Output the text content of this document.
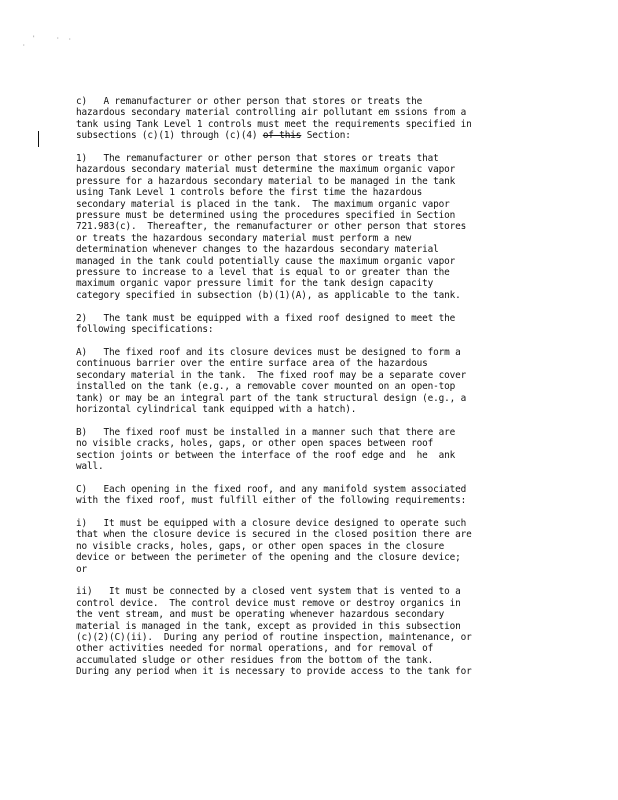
·
'	· ·
c)   A remanufacturer or other person that stores or treats the
hazardous secondary material controlling air pollutant em ssions from a
tank using Tank Level 1 controls must meet the requirements specified in
subsections (c)(1) through (c)(4) of this Section:
1)   The remanufacturer or other person that stores or treats that
hazardous secondary material must determine the maximum organic vapor
pressure for a hazardous secondary material to be managed in the tank
using Tank Level 1 controls before the first time the hazardous
secondary material is placed in the tank.  The maximum organic vapor
pressure must be determined using the procedures specified in Section
721.983(c).  Thereafter, the remanufacturer or other person that stores
or treats the hazardous secondary material must perform a new
determination whenever changes to the hazardous secondary material
managed in the tank could potentially cause the maximum organic vapor
pressure to increase to a level that is equal to or greater than the
maximum organic vapor pressure limit for the tank design capacity
category specified in subsection (b)(1)(A), as applicable to the tank.
2)   The tank must be equipped with a fixed roof designed to meet the
following specifications:
A)   The fixed roof and its closure devices must be designed to form a
continuous barrier over the entire surface area of the hazardous
secondary material in the tank.  The fixed roof may be a separate cover
installed on the tank (e.g., a removable cover mounted on an open-top
tank) or may be an integral part of the tank structural design (e.g., a
horizontal cylindrical tank equipped with a hatch).
B)   The fixed roof must be installed in a manner such that there are
no visible cracks, holes, gaps, or other open spaces between roof
section joints or between the interface of the roof edge and  he  ank
wall.
C)   Each opening in the fixed roof, and any manifold system associated
with the fixed roof, must fulfill either of the following requirements:
i)   It must be equipped with a closure device designed to operate such
that when the closure device is secured in the closed position there are
no visible cracks, holes, gaps, or other open spaces in the closure
device or between the perimeter of the opening and the closure device;
or
ii)   It must be connected by a closed vent system that is vented to a
control device.  The control device must remove or destroy organics in
the vent stream, and must be operating whenever hazardous secondary
material is managed in the tank, except as provided in this subsection
(c)(2)(C)(ii).  During any period of routine inspection, maintenance, or
other activities needed for normal operations, and for removal of
accumulated sludge or other residues from the bottom of the tank.
During any period when it is necessary to provide access to the tank for
